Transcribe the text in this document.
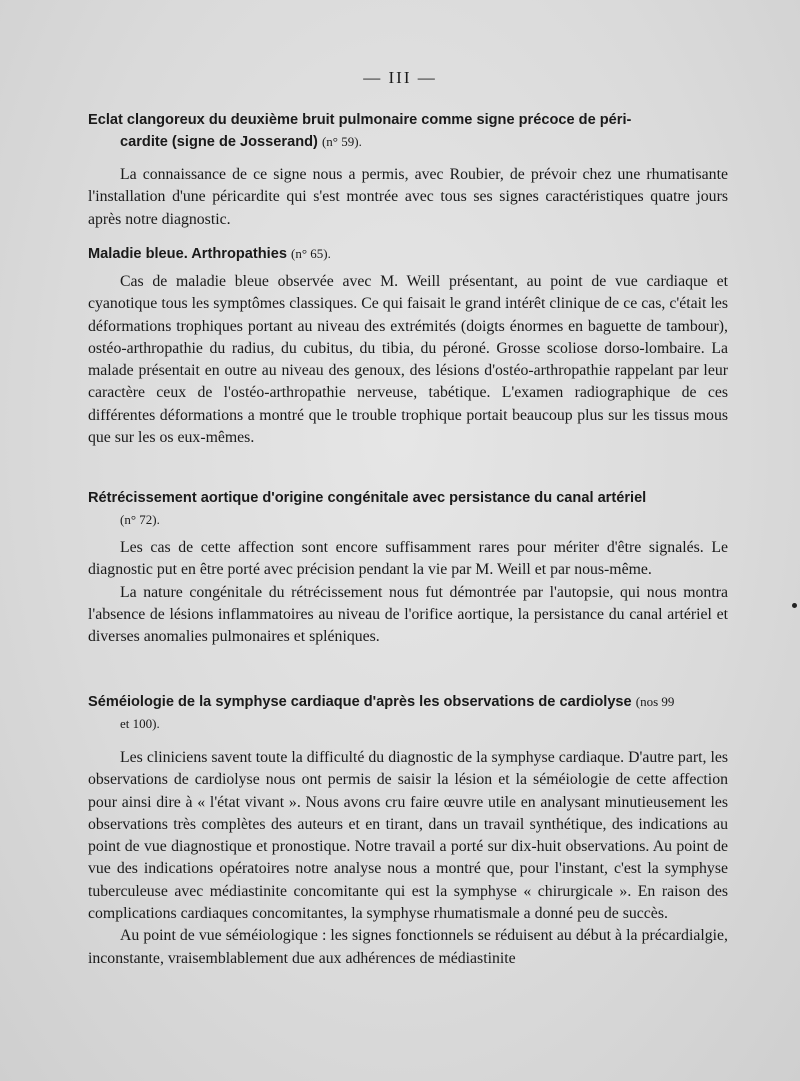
— III —

Eclat clangoreux du deuxième bruit pulmonaire comme signe précoce de péri-
cardite (signe de Josserand) (n° 59).

La connaissance de ce signe nous a permis, avec Roubier, de prévoir chez une rhumatisante l'installation d'une péricardite qui s'est montrée avec tous ses signes caractéristiques quatre jours après notre diagnostic.

Maladie bleue. Arthropathies (n° 65).

Cas de maladie bleue observée avec M. Weill présentant, au point de vue cardiaque et cyanotique tous les symptômes classiques. Ce qui faisait le grand intérêt clinique de ce cas, c'était les déformations trophiques portant au niveau des extrémités (doigts énormes en baguette de tambour), ostéo-arthropathie du radius, du cubitus, du tibia, du péroné. Grosse scoliose dorso-lombaire. La malade présentait en outre au niveau des genoux, des lésions d'ostéo-arthropathie rappelant par leur caractère ceux de l'ostéo-arthropathie nerveuse, tabétique. L'examen radiographique de ces différentes déformations a montré que le trouble trophique portait beaucoup plus sur les tissus mous que sur les os eux-mêmes.

Rétrécissement aortique d'origine congénitale avec persistance du canal artériel
(n° 72).

Les cas de cette affection sont encore suffisamment rares pour mériter d'être signalés. Le diagnostic put en être porté avec précision pendant la vie par M. Weill et par nous-même.

La nature congénitale du rétrécissement nous fut démontrée par l'autopsie, qui nous montra l'absence de lésions inflammatoires au niveau de l'orifice aortique, la persistance du canal artériel et diverses anomalies pulmonaires et spléniques.

Séméiologie de la symphyse cardiaque d'après les observations de cardiolyse (nos 99
et 100).

Les cliniciens savent toute la difficulté du diagnostic de la symphyse cardiaque. D'autre part, les observations de cardiolyse nous ont permis de saisir la lésion et la séméiologie de cette affection pour ainsi dire à « l'état vivant ». Nous avons cru faire œuvre utile en analysant minutieusement les observations très complètes des auteurs et en tirant, dans un travail synthétique, des indications au point de vue diagnostique et pronostique. Notre travail a porté sur dix-huit observations. Au point de vue des indications opératoires notre analyse nous a montré que, pour l'instant, c'est la symphyse tuberculeuse avec médiastinite concomitante qui est la symphyse « chirurgicale ». En raison des complications cardiaques concomitantes, la symphyse rhumatismale a donné peu de succès.

Au point de vue séméiologique : les signes fonctionnels se réduisent au début à la précardialgie, inconstante, vraisemblablement due aux adhérences de médiastinite
